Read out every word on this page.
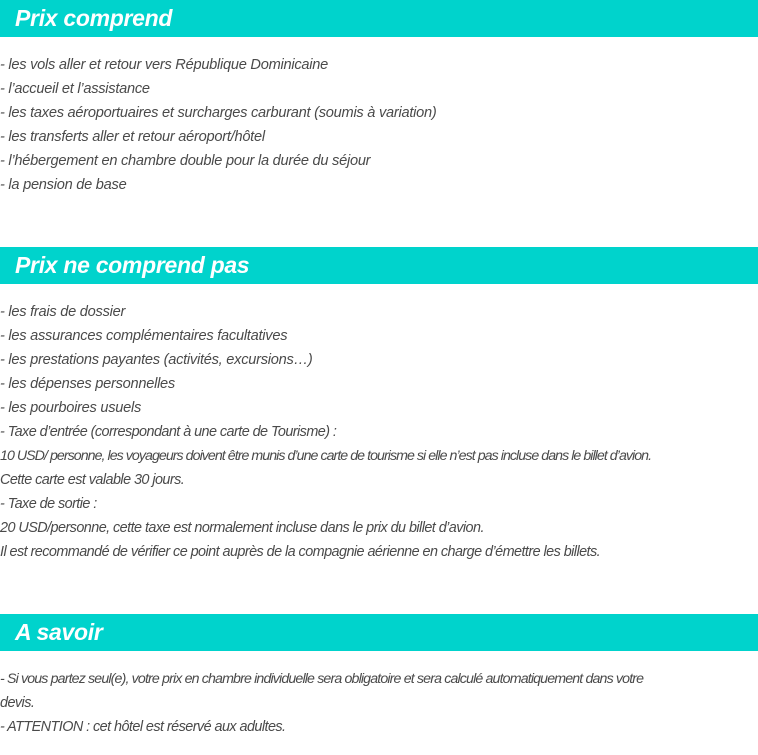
Prix comprend
- les vols aller et retour vers République Dominicaine
- l’accueil et l’assistance
- les taxes aéroportuaires et surcharges carburant (soumis à variation)
- les transferts aller et retour aéroport/hôtel
- l’hébergement en chambre double pour la durée du séjour
- la pension de base
Prix ne comprend pas
- les frais de dossier
- les assurances complémentaires facultatives
- les prestations payantes (activités, excursions…)
- les dépenses personnelles
- les pourboires usuels
- Taxe d’entrée (correspondant à une carte de Tourisme) :
10 USD/ personne, les voyageurs doivent être munis d’une carte de tourisme si elle n’est pas incluse dans le billet d’avion.
Cette carte est valable 30 jours.
- Taxe de sortie :
20 USD/personne, cette taxe est normalement incluse dans le prix du billet d’avion.
Il est recommandé de vérifier ce point auprès de la compagnie aérienne en charge d’émettre les billets.
A savoir
- Si vous partez seul(e), votre prix en chambre individuelle sera obligatoire et sera calculé automatiquement dans votre
devis.
- ATTENTION : cet hôtel est réservé aux adultes.
